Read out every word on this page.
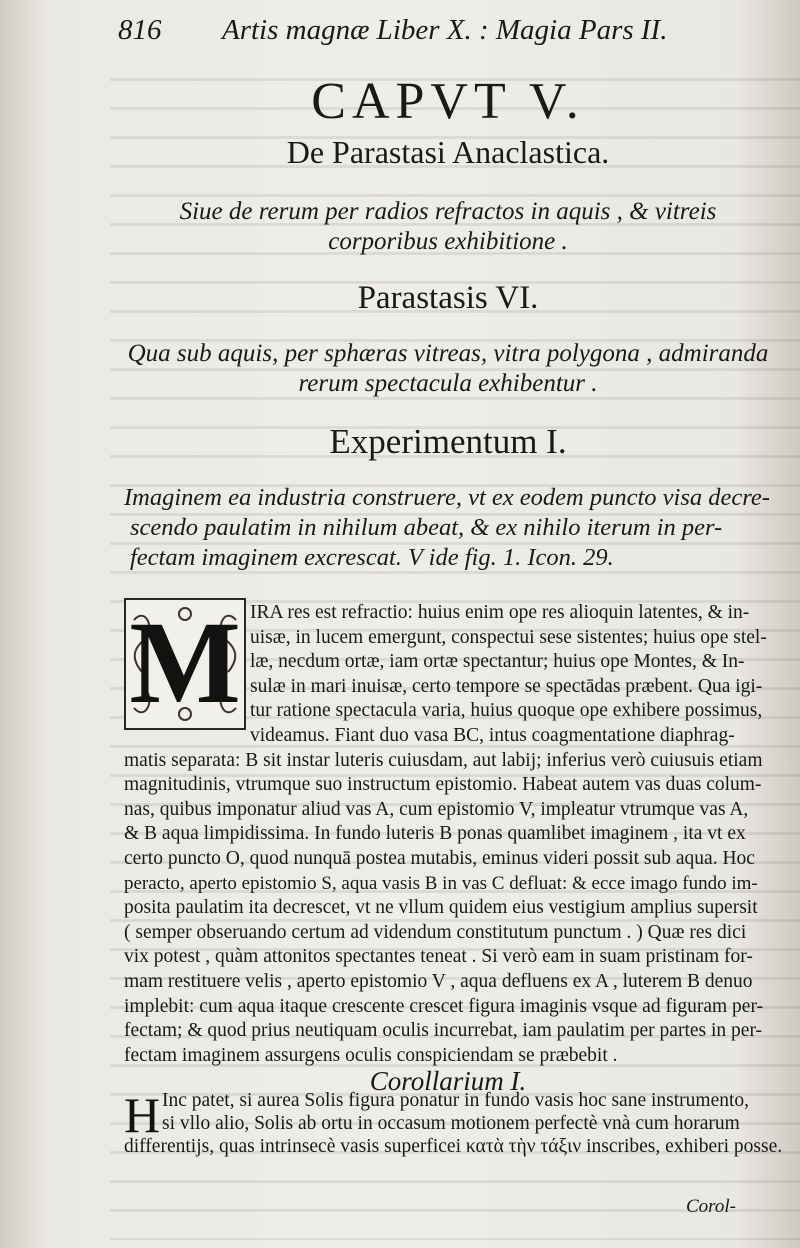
816 Artis magnæ Liber X. : Magia Pars II.
CAPVT V.
De Parastasi Anaclastica.
Siue de rerum per radios refractos in aquis , & vitreis
corporibus exhibitione .
Parastasis VI.
Qua sub aquis, per sphæras vitreas, vitra polygona , admiranda
rerum spectacula exhibentur .
Experimentum I.
Imaginem ea industria construere, vt ex eodem puncto visa decre-
scendo paulatim in nihilum abeat, & ex nihilo iterum in per-
fectam imaginem excrescat. V ide fig. 1. Icon. 29.
M IRA res est refractio: huius enim ope res alioquin latentes, & in-
uisæ, in lucem emergunt, conspectui sese sistentes; huius ope stel-
læ, necdum ortæ, iam ortæ spectantur; huius ope Montes, & In-
sulæ in mari inuisæ, certo tempore se spectādas præbent. Qua igi-
tur ratione spectacula varia, huius quoque ope exhibere possimus,
videamus. Fiant duo vasa BC, intus coagmentatione diaphrag-
matis separata: B sit instar luteris cuiusdam, aut labij; inferius verò cuiusuis etiam
magnitudinis, vtrumque suo instructum epistomio. Habeat autem vas duas colum-
nas, quibus imponatur aliud vas A, cum epistomio V, impleatur vtrumque vas A,
& B aqua limpidissima. In fundo luteris B ponas quamlibet imaginem , ita vt ex
certo puncto O, quod nunquā postea mutabis, eminus videri possit sub aqua. Hoc
peracto, aperto epistomio S, aqua vasis B in vas C defluat: & ecce imago fundo im-
posita paulatim ita decrescet, vt ne vllum quidem eius vestigium amplius supersit
( semper obseruando certum ad videndum constitutum punctum . ) Quæ res dici
vix potest , quàm attonitos spectantes teneat . Si verò eam in suam pristinam for-
mam restituere velis , aperto epistomio V , aqua defluens ex A , luterem B denuo
implebit: cum aqua itaque crescente crescet figura imaginis vsque ad figuram per-
fectam; & quod prius neutiquam oculis incurrebat, iam paulatim per partes in per-
fectam imaginem assurgens oculis conspiciendam se præbebit .
Corollarium I.
H Inc patet, si aurea Solis figura ponatur in fundo vasis hoc sane instrumento,
si vllo alio, Solis ab ortu in occasum motionem perfectè vnà cum horarum
differentijs, quas intrinsecè vasis superficei κατὰ τὴν τάξιν inscribes, exhiberi posse.
Corol-
